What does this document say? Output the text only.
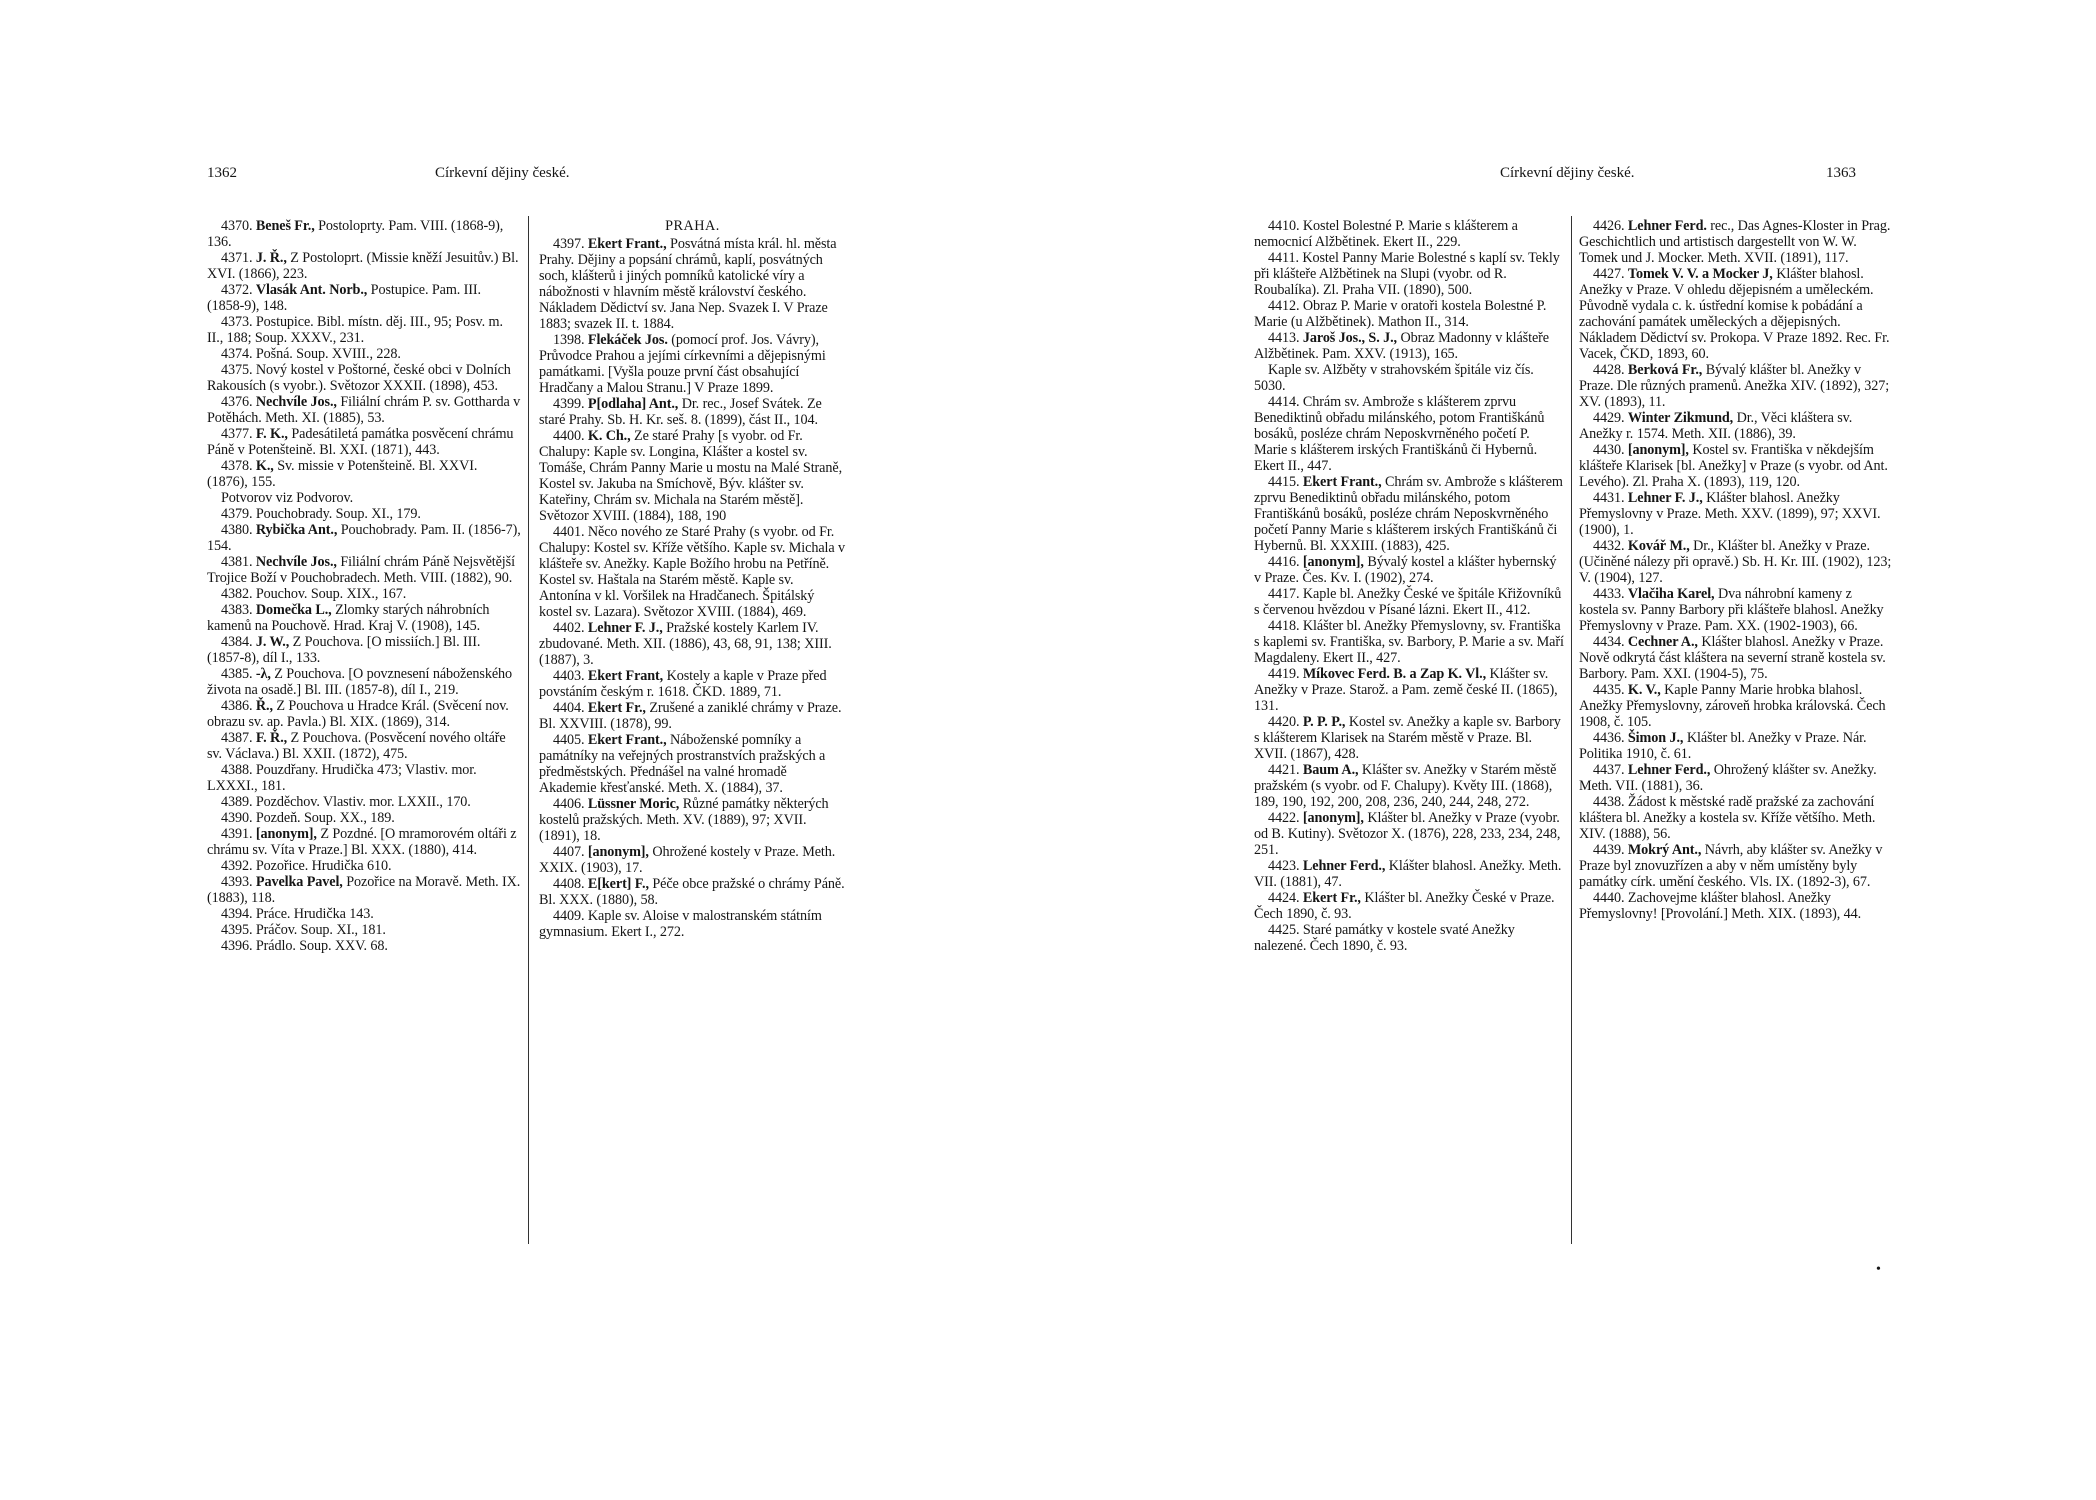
1362	Církevní dějiny české.

4370. Beneš Fr., Postoloprty. Pam. VIII. (1868-9), 136.

4371. J. Ř., Z Postoloprt. (Missie kněží Jesuitův.) Bl. XVI. (1866), 223.

4372. Vlasák Ant. Norb., Postupice. Pam. III. (1858-9), 148.

4373. Postupice. Bibl. místn. děj. III., 95; Posv. m. II., 188; Soup. XXXV., 231.

4374. Pošná. Soup. XVIII., 228.

4375. Nový kostel v Poštorné, české obci v Dolních Rakousích (s vyobr.). Světozor XXXII. (1898), 453.

4376. Nechvíle Jos., Filiální chrám P. sv. Gottharda v Potěhách. Meth. XI. (1885), 53.

4377. F. K., Padesátiletá památka posvěcení chrámu Páně v Potenšteině. Bl. XXI. (1871), 443.

4378. K., Sv. missie v Potenšteině. Bl. XXVI. (1876), 155.

Potvorov viz Podvorov.

4379. Pouchobrady. Soup. XI., 179.

4380. Rybička Ant., Pouchobrady. Pam. II. (1856-7), 154.

4381. Nechvíle Jos., Filiální chrám Páně Nejsvětější Trojice Boží v Pouchobradech. Meth. VIII. (1882), 90.

4382. Pouchov. Soup. XIX., 167.

4383. Domečka L., Zlomky starých náhrobních kamenů na Pouchově. Hrad. Kraj V. (1908), 145.

4384. J. W., Z Pouchova. [O missiích.] Bl. III. (1857-8), díl I., 133.

4385. -λ, Z Pouchova. [O povznesení náboženského života na osadě.] Bl. III. (1857-8), díl I., 219.

4386. Ř., Z Pouchova u Hradce Král. (Svěcení nov. obrazu sv. ap. Pavla.) Bl. XIX. (1869), 314.

4387. F. Ř., Z Pouchova. (Posvěcení nového oltáře sv. Václava.) Bl. XXII. (1872), 475.

4388. Pouzdřany. Hrudička 473; Vlastiv. mor. LXXXI., 181.

4389. Pozděchov. Vlastiv. mor. LXXII., 170.

4390. Pozdeň. Soup. XX., 189.

4391. [anonym], Z Pozdné. [O mramorovém oltáři z chrámu sv. Víta v Praze.] Bl. XXX. (1880), 414.

4392. Pozořice. Hrudička 610.

4393. Pavelka Pavel, Pozořice na Moravě. Meth. IX. (1883), 118.

4394. Práce. Hrudička 143.

4395. Práčov. Soup. XI., 181.

4396. Prádlo. Soup. XXV. 68.

PRAHA.

4397. Ekert Frant., Posvátná místa král. hl. města Prahy. Dějiny a popsání chrámů, kaplí, posvátných soch, klášterů i jiných pomníků katolické víry a nábožnosti v hlavním městě království českého. Nákladem Dědictví sv. Jana Nep. Svazek I. V Praze 1883; svazek II. t. 1884.

1398. Flekáček Jos. (pomocí prof. Jos. Vávry), Průvodce Prahou a jejími církevními a dějepisnými památkami. [Vyšla pouze první část obsahující Hradčany a Malou Stranu.] V Praze 1899.

4399. P[odlaha] Ant., Dr. rec., Josef Svátek. Ze staré Prahy. Sb. H. Kr. seš. 8. (1899), část II., 104.

4400. K. Ch., Ze staré Prahy [s vyobr. od Fr. Chalupy: Kaple sv. Longina, Klášter a kostel sv. Tomáše, Chrám Panny Marie u mostu na Malé Straně, Kostel sv. Jakuba na Smíchově, Býv. klášter sv. Kateřiny, Chrám sv. Michala na Starém městě]. Světozor XVIII. (1884), 188, 190

4401. Něco nového ze Staré Prahy (s vyobr. od Fr. Chalupy: Kostel sv. Kříže většího. Kaple sv. Michala v klášteře sv. Anežky. Kaple Božího hrobu na Petříně. Kostel sv. Haštala na Starém městě. Kaple sv. Antonína v kl. Voršilek na Hradčanech. Špitálský kostel sv. Lazara). Světozor XVIII. (1884), 469.

4402. Lehner F. J., Pražské kostely Karlem IV. zbudované. Meth. XII. (1886), 43, 68, 91, 138; XIII. (1887), 3.

4403. Ekert Frant, Kostely a kaple v Praze před povstáním českým r. 1618. ČKD. 1889, 71.

4404. Ekert Fr., Zrušené a zaniklé chrámy v Praze. Bl. XXVIII. (1878), 99.

4405. Ekert Frant., Náboženské pomníky a památníky na veřejných prostranstvích pražských a předměstských. Přednášel na valné hromadě Akademie křesťanské. Meth. X. (1884), 37.

4406. Lüssner Moric, Různé památky některých kostelů pražských. Meth. XV. (1889), 97; XVII. (1891), 18.

4407. [anonym], Ohrožené kostely v Praze. Meth. XXIX. (1903), 17.

4408. E[kert] F., Péče obce pražské o chrámy Páně. Bl. XXX. (1880), 58.

4409. Kaple sv. Aloise v malostranském státním gymnasium. Ekert I., 272.

Církevní dějiny české.	1363

4410. Kostel Bolestné P. Marie s klášterem a nemocnicí Alžbětinek. Ekert II., 229.

4411. Kostel Panny Marie Bolestné s kaplí sv. Tekly při klášteře Alžbětinek na Slupi (vyobr. od R. Roubalíka). Zl. Praha VII. (1890), 500.

4412. Obraz P. Marie v oratoři kostela Bolestné P. Marie (u Alžbětinek). Mathon II., 314.

4413. Jaroš Jos., S. J., Obraz Madonny v klášteře Alžbětinek. Pam. XXV. (1913), 165.

Kaple sv. Alžběty v strahovském špitále viz čís. 5030.

4414. Chrám sv. Ambrože s klášterem zprvu Benediktinů obřadu milánského, potom Františkánů bosáků, posléze chrám Neposkvrněného početí P. Marie s klášterem irských Františkánů či Hybernů. Ekert II., 447.

4415. Ekert Frant., Chrám sv. Ambrože s klášterem zprvu Benediktinů obřadu milánského, potom Františkánů bosáků, posléze chrám Neposkvrněného početí Panny Marie s klášterem irských Františkánů či Hybernů. Bl. XXXIII. (1883), 425.

4416. [anonym], Bývalý kostel a klášter hybernský v Praze. Čes. Kv. I. (1902), 274.

4417. Kaple bl. Anežky České ve špitále Křižovníků s červenou hvězdou v Písané lázni. Ekert II., 412.

4418. Klášter bl. Anežky Přemyslovny, sv. Františka s kaplemi sv. Františka, sv. Barbory, P. Marie a sv. Maří Magdaleny. Ekert II., 427.

4419. Míkovec Ferd. B. a Zap K. Vl., Klášter sv. Anežky v Praze. Starož. a Pam. země české II. (1865), 131.

4420. P. P. P., Kostel sv. Anežky a kaple sv. Barbory s klášterem Klarisek na Starém městě v Praze. Bl. XVII. (1867), 428.

4421. Baum A., Klášter sv. Anežky v Starém městě pražském (s vyobr. od F. Chalupy). Květy III. (1868), 189, 190, 192, 200, 208, 236, 240, 244, 248, 272.

4422. [anonym], Klášter bl. Anežky v Praze (vyobr. od B. Kutiny). Světozor X. (1876), 228, 233, 234, 248, 251.

4423. Lehner Ferd., Klášter blahosl. Anežky. Meth. VII. (1881), 47.

4424. Ekert Fr., Klášter bl. Anežky České v Praze. Čech 1890, č. 93.

4425. Staré památky v kostele svaté Anežky nalezené. Čech 1890, č. 93.

4426. Lehner Ferd. rec., Das Agnes-Kloster in Prag. Geschichtlich und artistisch dargestellt von W. W. Tomek und J. Mocker. Meth. XVII. (1891), 117.

4427. Tomek V. V. a Mocker J, Klášter blahosl. Anežky v Praze. V ohledu dějepisném a uměleckém. Původně vydala c. k. ústřední komise k pobádání a zachování památek uměleckých a dějepisných. Nákladem Dědictví sv. Prokopa. V Praze 1892. Rec. Fr. Vacek, ČKD, 1893, 60.

4428. Berková Fr., Bývalý klášter bl. Anežky v Praze. Dle různých pramenů. Anežka XIV. (1892), 327; XV. (1893), 11.

4429. Winter Zikmund, Dr., Věci kláštera sv. Anežky r. 1574. Meth. XII. (1886), 39.

4430. [anonym], Kostel sv. Františka v někdejším klášteře Klarisek [bl. Anežky] v Praze (s vyobr. od Ant. Levého). Zl. Praha X. (1893), 119, 120.

4431. Lehner F. J., Klášter blahosl. Anežky Přemyslovny v Praze. Meth. XXV. (1899), 97; XXVI. (1900), 1.

4432. Kovář M., Dr., Klášter bl. Anežky v Praze. (Učiněné nálezy při opravě.) Sb. H. Kr. III. (1902), 123; V. (1904), 127.

4433. Vlačiha Karel, Dva náhrobní kameny z kostela sv. Panny Barbory při klášteře blahosl. Anežky Přemyslovny v Praze. Pam. XX. (1902-1903), 66.

4434. Cechner A., Klášter blahosl. Anežky v Praze. Nově odkrytá část kláštera na severní straně kostela sv. Barbory. Pam. XXI. (1904-5), 75.

4435. K. V., Kaple Panny Marie hrobka blahosl. Anežky Přemyslovny, zároveň hrobka královská. Čech 1908, č. 105.

4436. Šimon J., Klášter bl. Anežky v Praze. Nár. Politika 1910, č. 61.

4437. Lehner Ferd., Ohrožený klášter sv. Anežky. Meth. VII. (1881), 36.

4438. Žádost k městské radě pražské za zachování kláštera bl. Anežky a kostela sv. Kříže většího. Meth. XIV. (1888), 56.

4439. Mokrý Ant., Návrh, aby klášter sv. Anežky v Praze byl znovuzřízen a aby v něm umístěny byly památky círk. umění českého. Vls. IX. (1892-3), 67.

4440. Zachovejme klášter blahosl. Anežky Přemyslovny! [Provolání.] Meth. XIX. (1893), 44.

•
